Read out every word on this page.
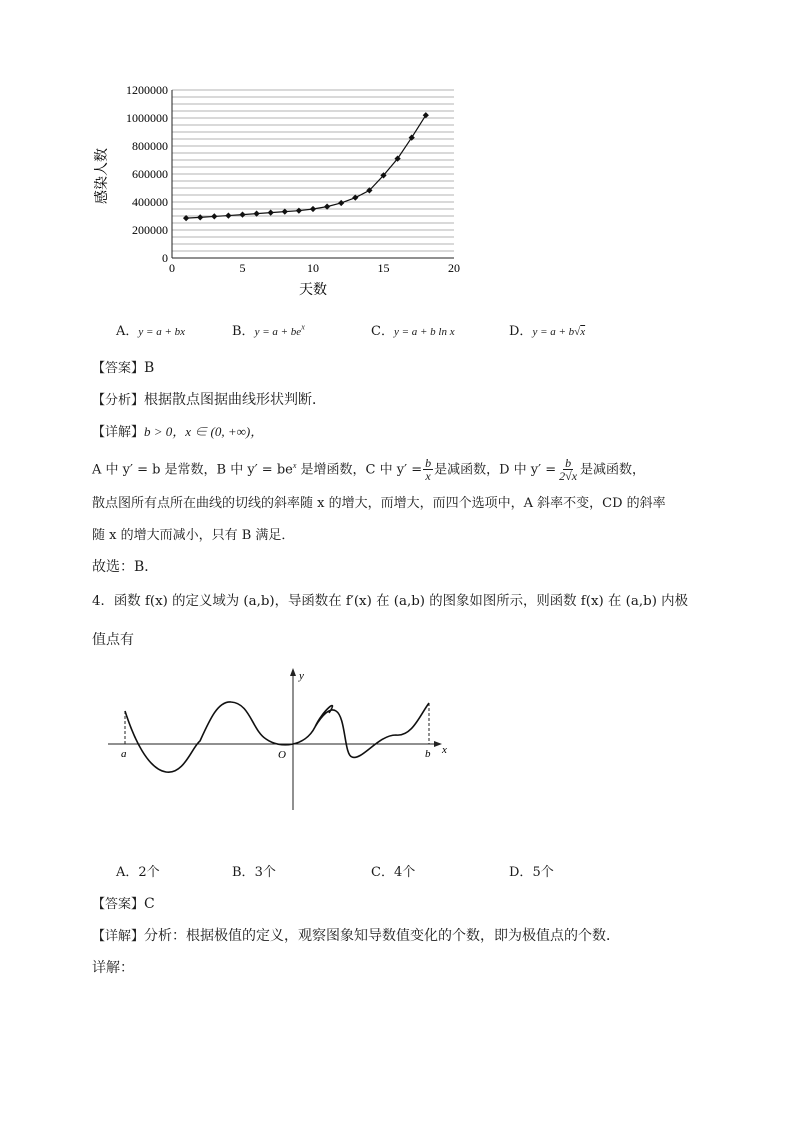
0
200000
400000
600000
800000
1000000
1200000
0	5	10	15	20
天数
感染人数
A．y = a + bx	B．$y = a + be^x$	C．y = a + b ln x	D．y = a + b√x
【答案】B
【分析】根据散点图据曲线形状判断．
【详解】b > 0，x ∈ (0, +∞)，
A 中 y′ = b 是常数，B 中 $y' = be^x$ 是增函数，C 中 $y' = \frac{b}{x}$ 是减函数，D 中 $y' = \frac{b}{2√x}$ 是减函数，
散点图所有点所在曲线的切线的斜率随 x 的增大，而增大，而四个选项中，A 斜率不变，CD 的斜率
随 x 的增大而减小，只有 B 满足．
故选：B．
4．函数 f(x) 的定义域为 (a,b)，导函数在 f′(x) 在 (a,b) 的图象如图所示，则函数 f(x) 在 (a,b) 内极
值点有
y
x
O
a	b
A．2个	B．3个	C．4个	D．5个
【答案】C
【详解】分析：根据极值的定义，观察图象知导数值变化的个数，即为极值点的个数．
详解：
